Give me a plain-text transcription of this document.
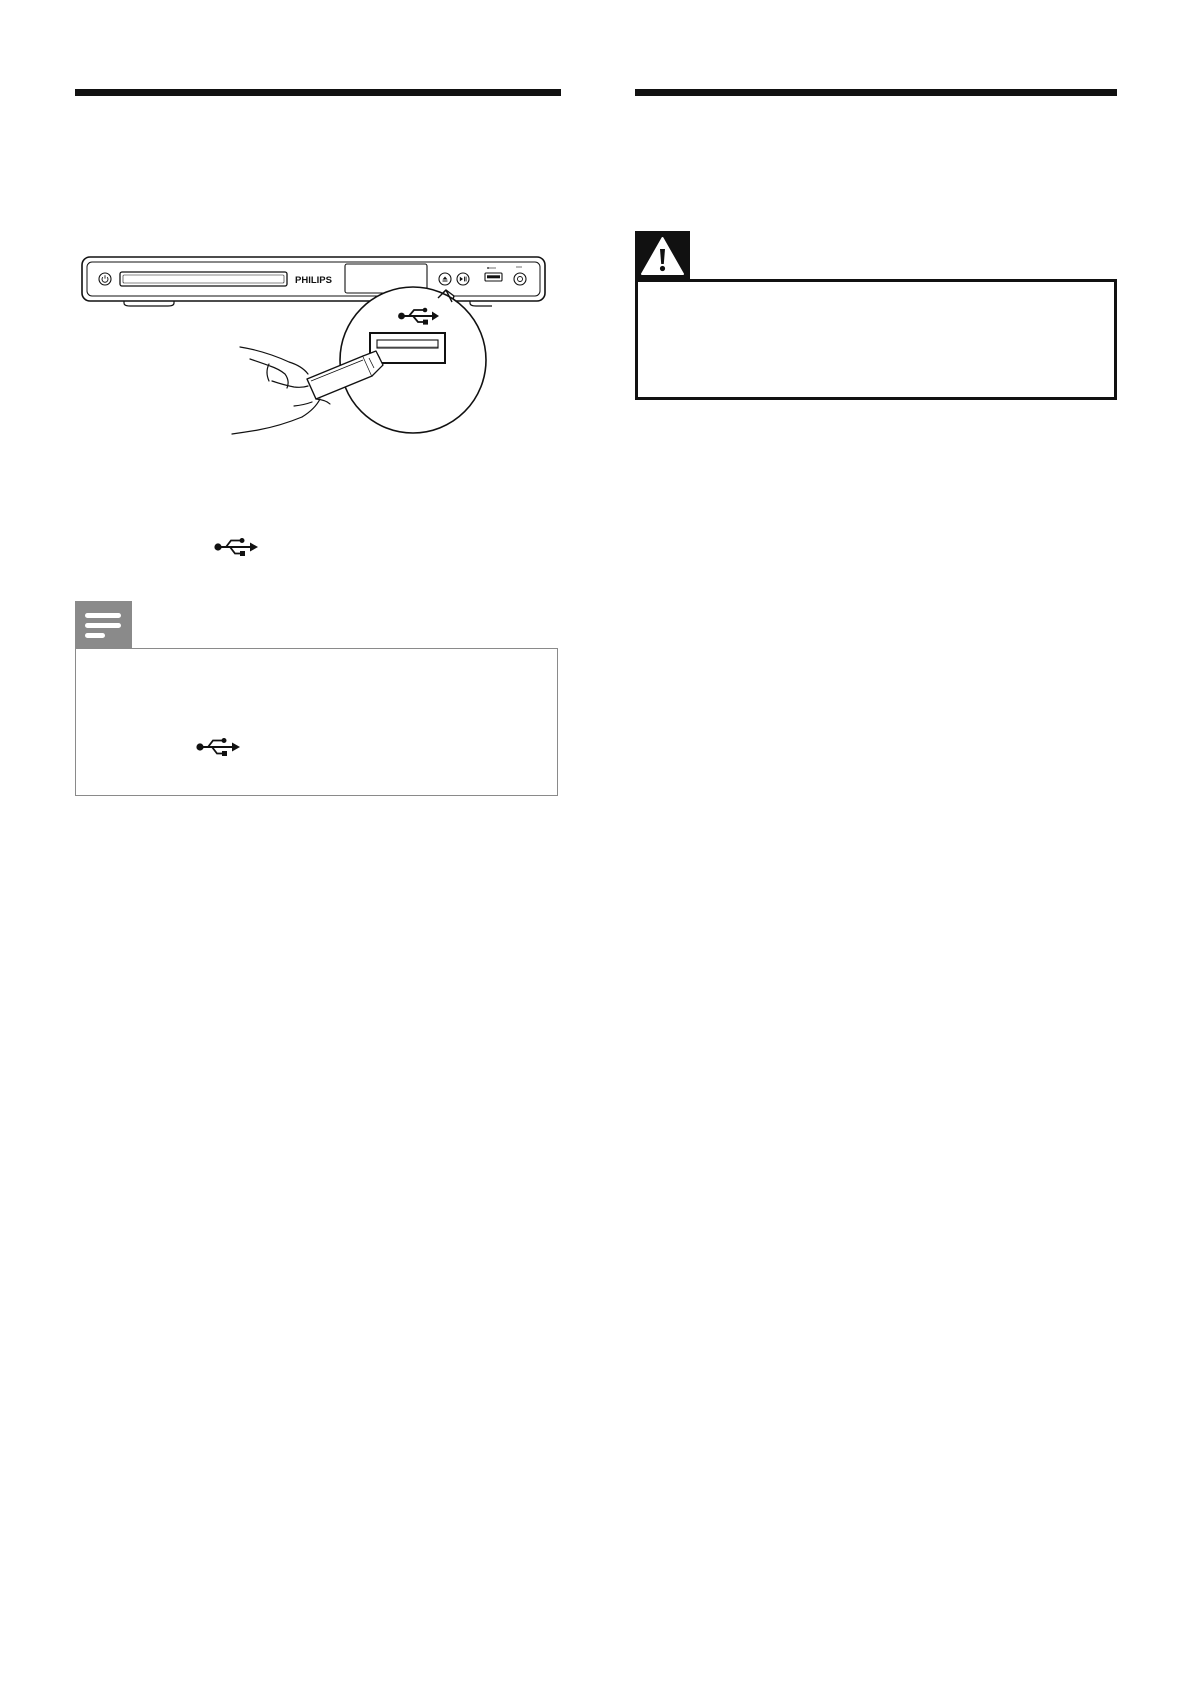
PHILIPS
